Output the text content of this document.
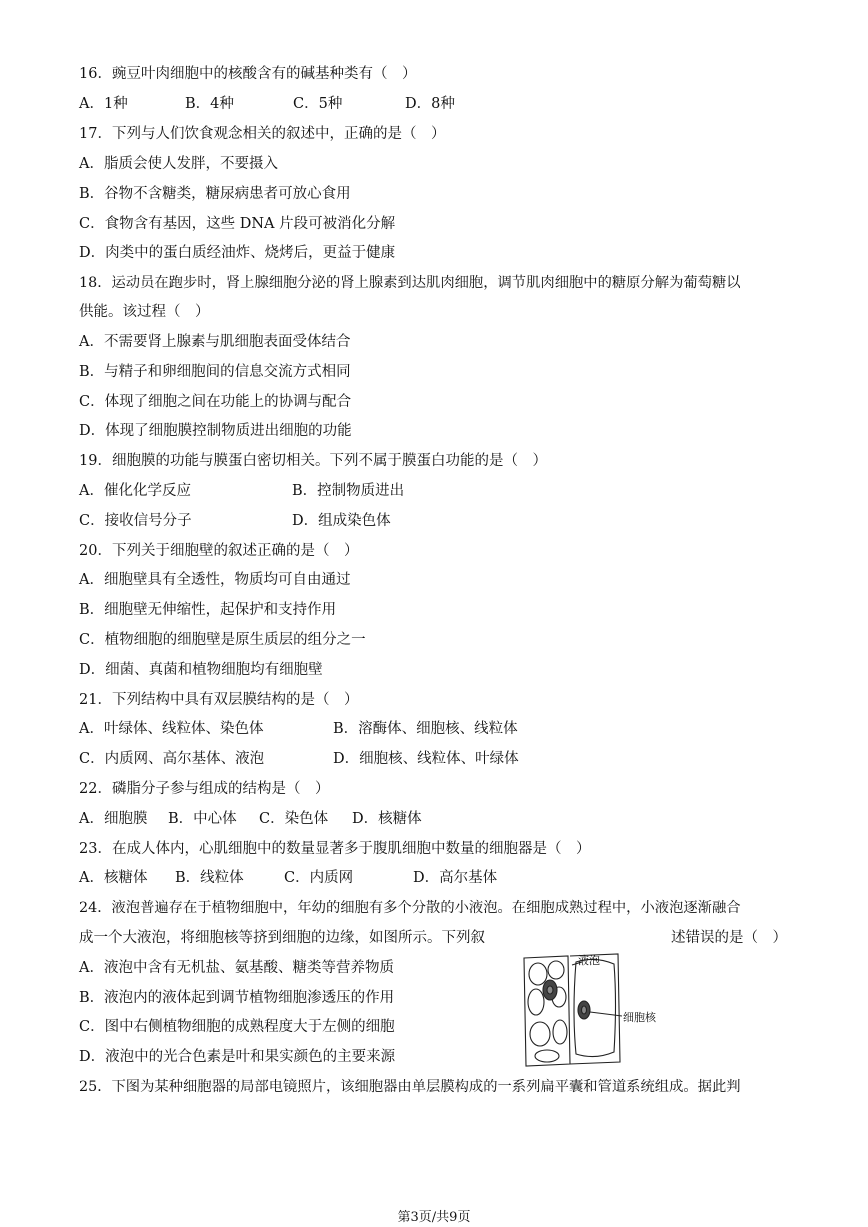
16．豌豆叶肉细胞中的核酸含有的碱基种类有（　）
A．1种	B．4种	C．5种	D．8种
17．下列与人们饮食观念相关的叙述中，正确的是（　）
A．脂质会使人发胖，不要摄入
B．谷物不含糖类，糖尿病患者可放心食用
C．食物含有基因，这些 DNA 片段可被消化分解
D．肉类中的蛋白质经油炸、烧烤后，更益于健康
18．运动员在跑步时，肾上腺细胞分泌的肾上腺素到达肌肉细胞，调节肌肉细胞中的糖原分解为葡萄糖以
供能。该过程（　）
A．不需要肾上腺素与肌细胞表面受体结合
B．与精子和卵细胞间的信息交流方式相同
C．体现了细胞之间在功能上的协调与配合
D．体现了细胞膜控制物质进出细胞的功能
19．细胞膜的功能与膜蛋白密切相关。下列不属于膜蛋白功能的是（　）
A．催化化学反应	B．控制物质进出
C．接收信号分子	D．组成染色体
20．下列关于细胞壁的叙述正确的是（　）
A．细胞壁具有全透性，物质均可自由通过
B．细胞壁无伸缩性，起保护和支持作用
C．植物细胞的细胞壁是原生质层的组分之一
D．细菌、真菌和植物细胞均有细胞壁
21．下列结构中具有双层膜结构的是（　）
A．叶绿体、线粒体、染色体	B．溶酶体、细胞核、线粒体
C．内质网、高尔基体、液泡	D．细胞核、线粒体、叶绿体
22．磷脂分子参与组成的结构是（　）
A．细胞膜 B．中心体 C．染色体 D．核糖体
23．在成人体内，心肌细胞中的数量显著多于腹肌细胞中数量的细胞器是（　）
A．核糖体 B．线粒体	C．内质网	D．高尔基体
24．液泡普遍存在于植物细胞中，年幼的细胞有多个分散的小液泡。在细胞成熟过程中，小液泡逐渐融合
成一个大液泡，将细胞核等挤到细胞的边缘，如图所示。下列叙	述错误的是（　）
A．液泡中含有无机盐、氨基酸、糖类等营养物质
B．液泡内的液体起到调节植物细胞渗透压的作用
C．图中右侧植物细胞的成熟程度大于左侧的细胞
D．液泡中的光合色素是叶和果实颜色的主要来源
液泡
细胞核
25．下图为某种细胞器的局部电镜照片，该细胞器由单层膜构成的一系列扁平囊和管道系统组成。据此判
第3页/共9页
